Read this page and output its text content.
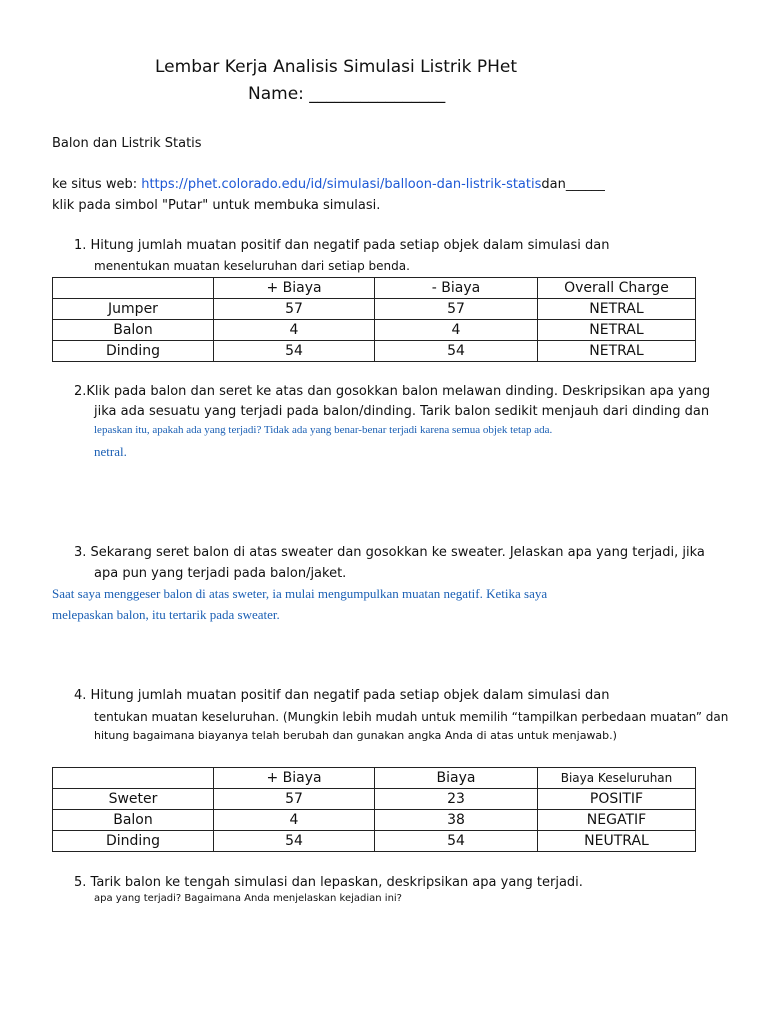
Lembar Kerja Analisis Simulasi Listrik PHet
Name: ________________
Balon dan Listrik Statis
ke situs web: https://phet.colorado.edu/id/simulasi/balloon-dan-listrik-statisdan______
klik pada simbol "Putar" untuk membuka simulasi.
1. Hitung jumlah muatan positif dan negatif pada setiap objek dalam simulasi dan
menentukan muatan keseluruhan dari setiap benda.
	+ Biaya	- Biaya	Overall Charge
Jumper	57	57	NETRAL
Balon	4	4	NETRAL
Dinding	54	54	NETRAL
2.Klik pada balon dan seret ke atas dan gosokkan balon melawan dinding. Deskripsikan apa yang
jika ada sesuatu yang terjadi pada balon/dinding. Tarik balon sedikit menjauh dari dinding dan
lepaskan itu, apakah ada yang terjadi? Tidak ada yang benar-benar terjadi karena semua objek tetap ada.
netral.
3. Sekarang seret balon di atas sweater dan gosokkan ke sweater. Jelaskan apa yang terjadi, jika
apa pun yang terjadi pada balon/jaket.
Saat saya menggeser balon di atas sweter, ia mulai mengumpulkan muatan negatif. Ketika saya
melepaskan balon, itu tertarik pada sweater.
4. Hitung jumlah muatan positif dan negatif pada setiap objek dalam simulasi dan
tentukan muatan keseluruhan. (Mungkin lebih mudah untuk memilih “tampilkan perbedaan muatan” dan
hitung bagaimana biayanya telah berubah dan gunakan angka Anda di atas untuk menjawab.)
	+ Biaya	Biaya	Biaya Keseluruhan
Sweter	57	23	POSITIF
Balon	4	38	NEGATIF
Dinding	54	54	NEUTRAL
5. Tarik balon ke tengah simulasi dan lepaskan, deskripsikan apa yang terjadi.
apa yang terjadi? Bagaimana Anda menjelaskan kejadian ini?
